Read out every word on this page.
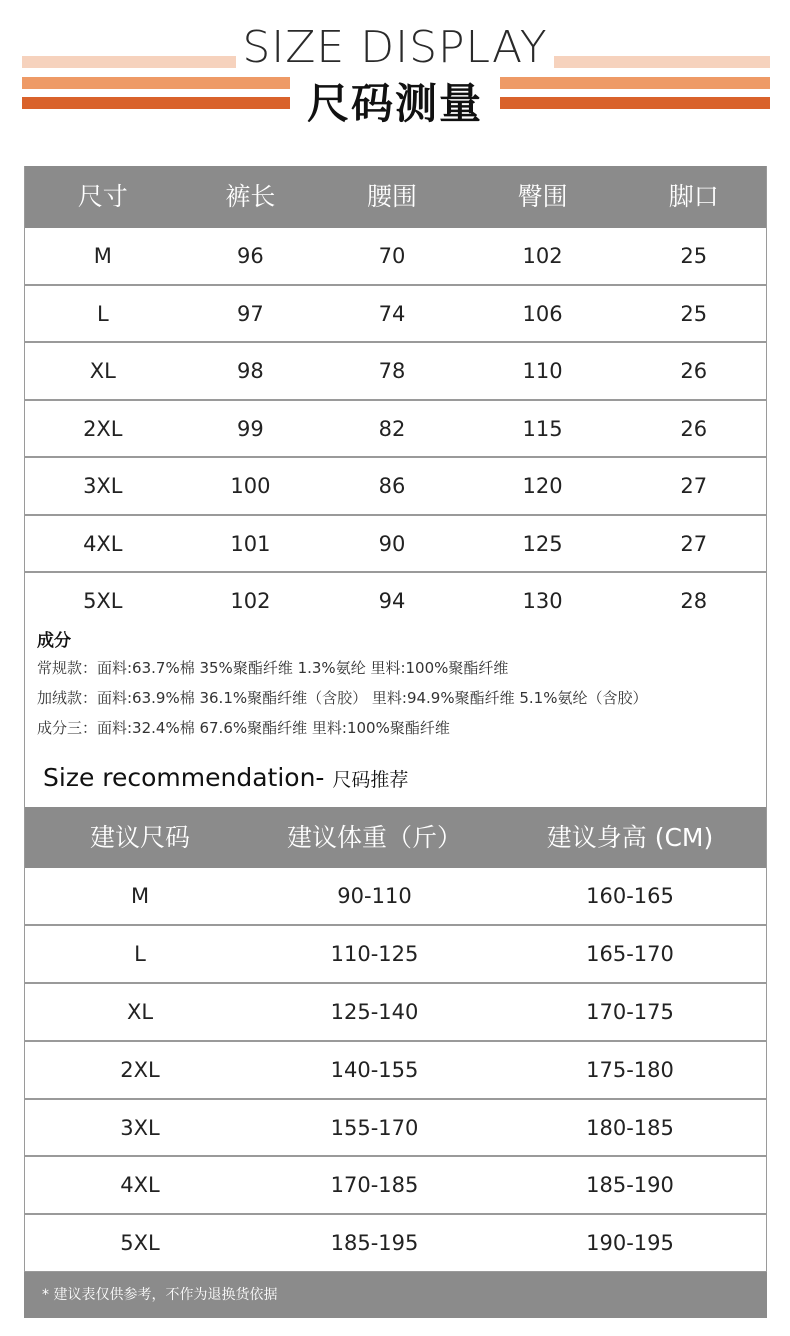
SIZE DISPLAY
尺码测量
尺寸	裤长	腰围	臀围	脚口
M	96	70	102	25
L	97	74	106	25
XL	98	78	110	26
2XL	99	82	115	26
3XL	100	86	120	27
4XL	101	90	125	27
5XL	102	94	130	28
成分
常规款：面料:63.7%棉 35%聚酯纤维 1.3%氨纶 里料:100%聚酯纤维
加绒款：面料:63.9%棉 36.1%聚酯纤维（含胶） 里料:94.9%聚酯纤维 5.1%氨纶（含胶）
成分三：面料:32.4%棉 67.6%聚酯纤维 里料:100%聚酯纤维
Size recommendation- 尺码推荐
建议尺码	建议体重（斤）	建议身高 (CM)
M	90-110	160-165
L	110-125	165-170
XL	125-140	170-175
2XL	140-155	175-180
3XL	155-170	180-185
4XL	170-185	185-190
5XL	185-195	190-195
* 建议表仅供参考，不作为退换货依据
